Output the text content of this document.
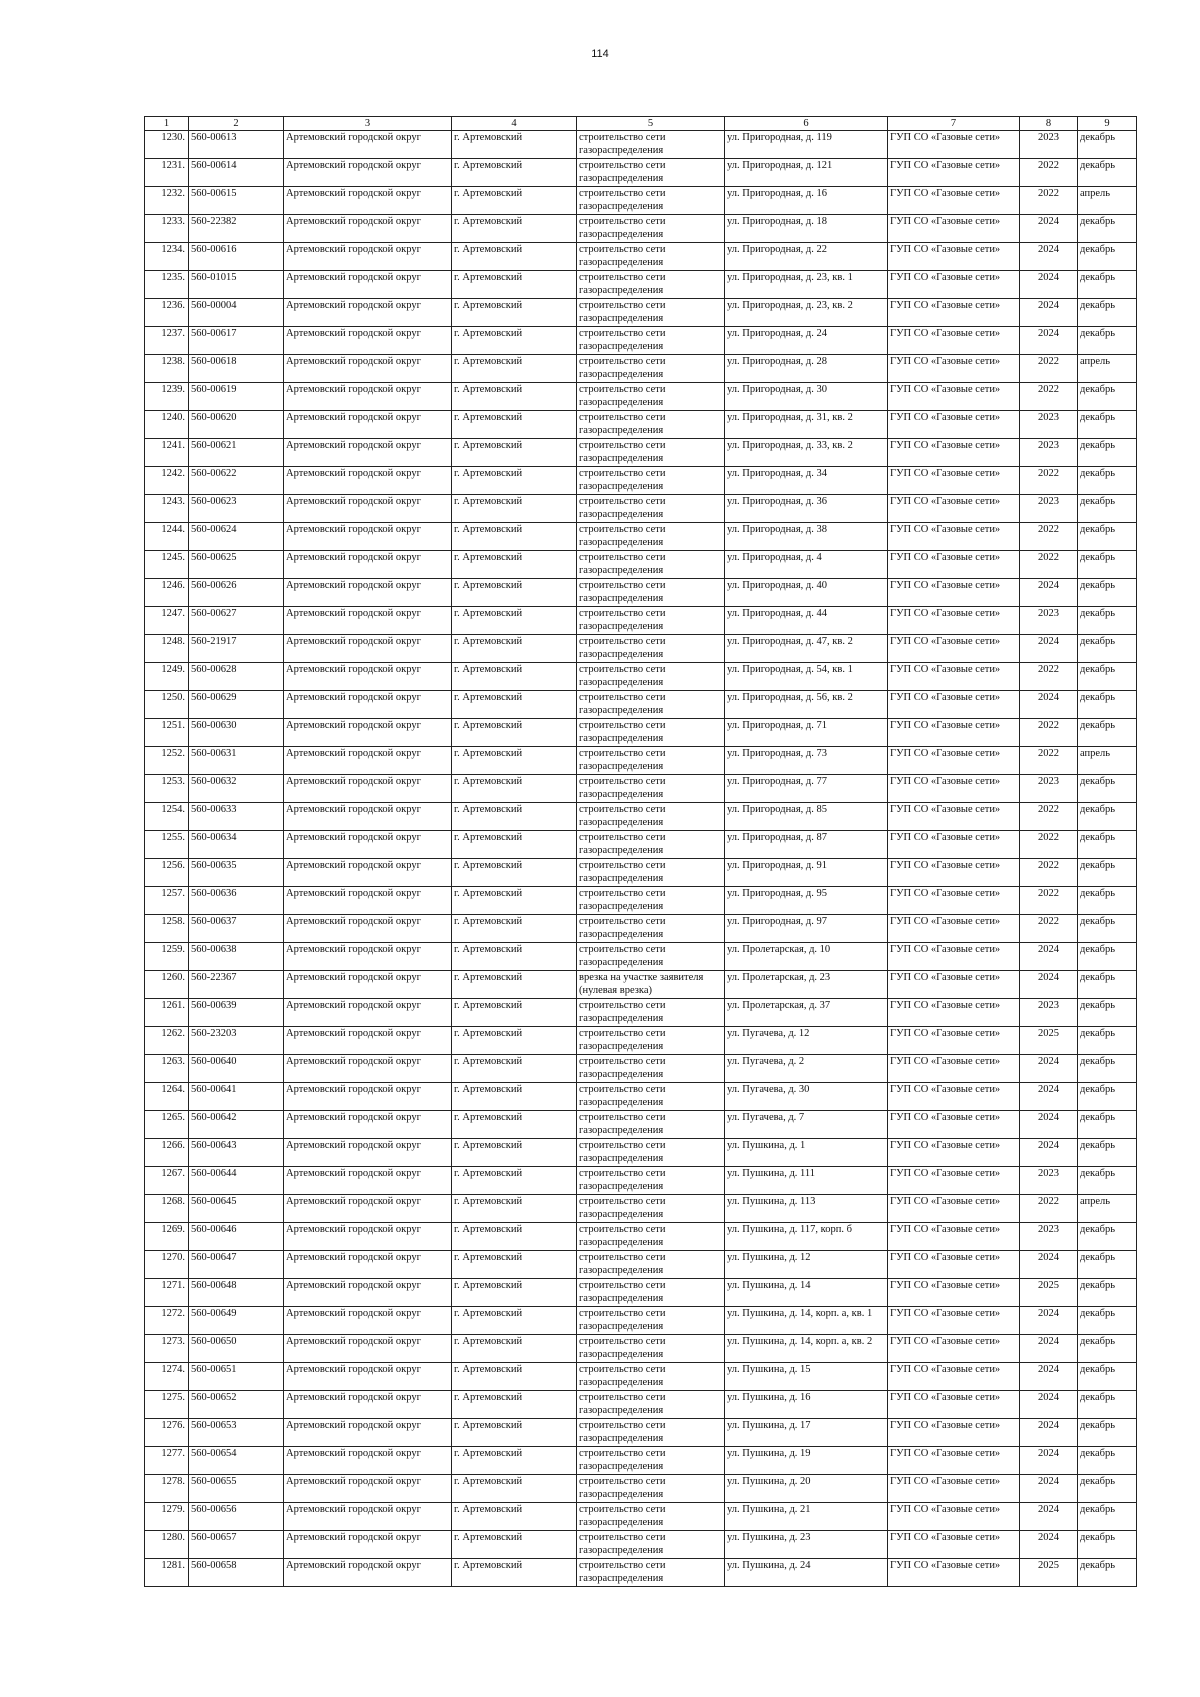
114
1	2	3	4	5	6	7	8	9
1230.	560-00613	Артемовский городской округ	г. Артемовский	строительство сети газораспределения	ул. Пригородная, д. 119	ГУП СО «Газовые сети»	2023	декабрь
1231.	560-00614	Артемовский городской округ	г. Артемовский	строительство сети газораспределения	ул. Пригородная, д. 121	ГУП СО «Газовые сети»	2022	декабрь
1232.	560-00615	Артемовский городской округ	г. Артемовский	строительство сети газораспределения	ул. Пригородная, д. 16	ГУП СО «Газовые сети»	2022	апрель
1233.	560-22382	Артемовский городской округ	г. Артемовский	строительство сети газораспределения	ул. Пригородная, д. 18	ГУП СО «Газовые сети»	2024	декабрь
1234.	560-00616	Артемовский городской округ	г. Артемовский	строительство сети газораспределения	ул. Пригородная, д. 22	ГУП СО «Газовые сети»	2024	декабрь
1235.	560-01015	Артемовский городской округ	г. Артемовский	строительство сети газораспределения	ул. Пригородная, д. 23, кв. 1	ГУП СО «Газовые сети»	2024	декабрь
1236.	560-00004	Артемовский городской округ	г. Артемовский	строительство сети газораспределения	ул. Пригородная, д. 23, кв. 2	ГУП СО «Газовые сети»	2024	декабрь
1237.	560-00617	Артемовский городской округ	г. Артемовский	строительство сети газораспределения	ул. Пригородная, д. 24	ГУП СО «Газовые сети»	2024	декабрь
1238.	560-00618	Артемовский городской округ	г. Артемовский	строительство сети газораспределения	ул. Пригородная, д. 28	ГУП СО «Газовые сети»	2022	апрель
1239.	560-00619	Артемовский городской округ	г. Артемовский	строительство сети газораспределения	ул. Пригородная, д. 30	ГУП СО «Газовые сети»	2022	декабрь
1240.	560-00620	Артемовский городской округ	г. Артемовский	строительство сети газораспределения	ул. Пригородная, д. 31, кв. 2	ГУП СО «Газовые сети»	2023	декабрь
1241.	560-00621	Артемовский городской округ	г. Артемовский	строительство сети газораспределения	ул. Пригородная, д. 33, кв. 2	ГУП СО «Газовые сети»	2023	декабрь
1242.	560-00622	Артемовский городской округ	г. Артемовский	строительство сети газораспределения	ул. Пригородная, д. 34	ГУП СО «Газовые сети»	2022	декабрь
1243.	560-00623	Артемовский городской округ	г. Артемовский	строительство сети газораспределения	ул. Пригородная, д. 36	ГУП СО «Газовые сети»	2023	декабрь
1244.	560-00624	Артемовский городской округ	г. Артемовский	строительство сети газораспределения	ул. Пригородная, д. 38	ГУП СО «Газовые сети»	2022	декабрь
1245.	560-00625	Артемовский городской округ	г. Артемовский	строительство сети газораспределения	ул. Пригородная, д. 4	ГУП СО «Газовые сети»	2022	декабрь
1246.	560-00626	Артемовский городской округ	г. Артемовский	строительство сети газораспределения	ул. Пригородная, д. 40	ГУП СО «Газовые сети»	2024	декабрь
1247.	560-00627	Артемовский городской округ	г. Артемовский	строительство сети газораспределения	ул. Пригородная, д. 44	ГУП СО «Газовые сети»	2023	декабрь
1248.	560-21917	Артемовский городской округ	г. Артемовский	строительство сети газораспределения	ул. Пригородная, д. 47, кв. 2	ГУП СО «Газовые сети»	2024	декабрь
1249.	560-00628	Артемовский городской округ	г. Артемовский	строительство сети газораспределения	ул. Пригородная, д. 54, кв. 1	ГУП СО «Газовые сети»	2022	декабрь
1250.	560-00629	Артемовский городской округ	г. Артемовский	строительство сети газораспределения	ул. Пригородная, д. 56, кв. 2	ГУП СО «Газовые сети»	2024	декабрь
1251.	560-00630	Артемовский городской округ	г. Артемовский	строительство сети газораспределения	ул. Пригородная, д. 71	ГУП СО «Газовые сети»	2022	декабрь
1252.	560-00631	Артемовский городской округ	г. Артемовский	строительство сети газораспределения	ул. Пригородная, д. 73	ГУП СО «Газовые сети»	2022	апрель
1253.	560-00632	Артемовский городской округ	г. Артемовский	строительство сети газораспределения	ул. Пригородная, д. 77	ГУП СО «Газовые сети»	2023	декабрь
1254.	560-00633	Артемовский городской округ	г. Артемовский	строительство сети газораспределения	ул. Пригородная, д. 85	ГУП СО «Газовые сети»	2022	декабрь
1255.	560-00634	Артемовский городской округ	г. Артемовский	строительство сети газораспределения	ул. Пригородная, д. 87	ГУП СО «Газовые сети»	2022	декабрь
1256.	560-00635	Артемовский городской округ	г. Артемовский	строительство сети газораспределения	ул. Пригородная, д. 91	ГУП СО «Газовые сети»	2022	декабрь
1257.	560-00636	Артемовский городской округ	г. Артемовский	строительство сети газораспределения	ул. Пригородная, д. 95	ГУП СО «Газовые сети»	2022	декабрь
1258.	560-00637	Артемовский городской округ	г. Артемовский	строительство сети газораспределения	ул. Пригородная, д. 97	ГУП СО «Газовые сети»	2022	декабрь
1259.	560-00638	Артемовский городской округ	г. Артемовский	строительство сети газораспределения	ул. Пролетарская, д. 10	ГУП СО «Газовые сети»	2024	декабрь
1260.	560-22367	Артемовский городской округ	г. Артемовский	врезка на участке заявителя (нулевая врезка)	ул. Пролетарская, д. 23	ГУП СО «Газовые сети»	2024	декабрь
1261.	560-00639	Артемовский городской округ	г. Артемовский	строительство сети газораспределения	ул. Пролетарская, д. 37	ГУП СО «Газовые сети»	2023	декабрь
1262.	560-23203	Артемовский городской округ	г. Артемовский	строительство сети газораспределения	ул. Пугачева, д. 12	ГУП СО «Газовые сети»	2025	декабрь
1263.	560-00640	Артемовский городской округ	г. Артемовский	строительство сети газораспределения	ул. Пугачева, д. 2	ГУП СО «Газовые сети»	2024	декабрь
1264.	560-00641	Артемовский городской округ	г. Артемовский	строительство сети газораспределения	ул. Пугачева, д. 30	ГУП СО «Газовые сети»	2024	декабрь
1265.	560-00642	Артемовский городской округ	г. Артемовский	строительство сети газораспределения	ул. Пугачева, д. 7	ГУП СО «Газовые сети»	2024	декабрь
1266.	560-00643	Артемовский городской округ	г. Артемовский	строительство сети газораспределения	ул. Пушкина, д. 1	ГУП СО «Газовые сети»	2024	декабрь
1267.	560-00644	Артемовский городской округ	г. Артемовский	строительство сети газораспределения	ул. Пушкина, д. 111	ГУП СО «Газовые сети»	2023	декабрь
1268.	560-00645	Артемовский городской округ	г. Артемовский	строительство сети газораспределения	ул. Пушкина, д. 113	ГУП СО «Газовые сети»	2022	апрель
1269.	560-00646	Артемовский городской округ	г. Артемовский	строительство сети газораспределения	ул. Пушкина, д. 117, корп. б	ГУП СО «Газовые сети»	2023	декабрь
1270.	560-00647	Артемовский городской округ	г. Артемовский	строительство сети газораспределения	ул. Пушкина, д. 12	ГУП СО «Газовые сети»	2024	декабрь
1271.	560-00648	Артемовский городской округ	г. Артемовский	строительство сети газораспределения	ул. Пушкина, д. 14	ГУП СО «Газовые сети»	2025	декабрь
1272.	560-00649	Артемовский городской округ	г. Артемовский	строительство сети газораспределения	ул. Пушкина, д. 14, корп. а, кв. 1	ГУП СО «Газовые сети»	2024	декабрь
1273.	560-00650	Артемовский городской округ	г. Артемовский	строительство сети газораспределения	ул. Пушкина, д. 14, корп. а, кв. 2	ГУП СО «Газовые сети»	2024	декабрь
1274.	560-00651	Артемовский городской округ	г. Артемовский	строительство сети газораспределения	ул. Пушкина, д. 15	ГУП СО «Газовые сети»	2024	декабрь
1275.	560-00652	Артемовский городской округ	г. Артемовский	строительство сети газораспределения	ул. Пушкина, д. 16	ГУП СО «Газовые сети»	2024	декабрь
1276.	560-00653	Артемовский городской округ	г. Артемовский	строительство сети газораспределения	ул. Пушкина, д. 17	ГУП СО «Газовые сети»	2024	декабрь
1277.	560-00654	Артемовский городской округ	г. Артемовский	строительство сети газораспределения	ул. Пушкина, д. 19	ГУП СО «Газовые сети»	2024	декабрь
1278.	560-00655	Артемовский городской округ	г. Артемовский	строительство сети газораспределения	ул. Пушкина, д. 20	ГУП СО «Газовые сети»	2024	декабрь
1279.	560-00656	Артемовский городской округ	г. Артемовский	строительство сети газораспределения	ул. Пушкина, д. 21	ГУП СО «Газовые сети»	2024	декабрь
1280.	560-00657	Артемовский городской округ	г. Артемовский	строительство сети газораспределения	ул. Пушкина, д. 23	ГУП СО «Газовые сети»	2024	декабрь
1281.	560-00658	Артемовский городской округ	г. Артемовский	строительство сети газораспределения	ул. Пушкина, д. 24	ГУП СО «Газовые сети»	2025	декабрь
